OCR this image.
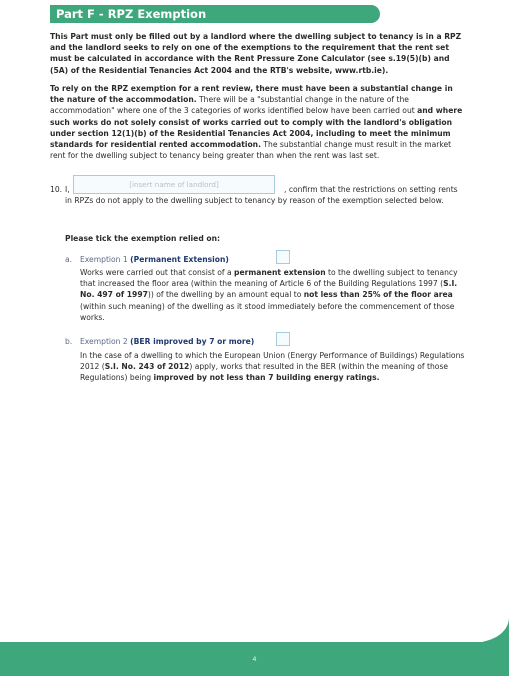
Part F - RPZ Exemption

This Part must only be filled out by a landlord where the dwelling subject to tenancy is in a RPZ and the landlord seeks to rely on one of the exemptions to the requirement that the rent set must be calculated in accordance with the Rent Pressure Zone Calculator (see s.19(5)(b) and (5A) of the Residential Tenancies Act 2004 and the RTB's website, www.rtb.ie).

To rely on the RPZ exemption for a rent review, there must have been a substantial change in the nature of the accommodation. There will be a "substantial change in the nature of the accommodation" where one of the 3 categories of works identified below have been carried out and where such works do not solely consist of works carried out to comply with the landlord's obligation under section 12(1)(b) of the Residential Tenancies Act 2004, including to meet the minimum standards for residential rented accommodation. The substantial change must result in the market rent for the dwelling subject to tenancy being greater than when the rent was last set.

10. I,
[insert name of landlord]	, confirm that the restrictions on setting rents
in RPZs do not apply to the dwelling subject to tenancy by reason of the exemption selected below.
Please tick the exemption relied on:
a. Exemption 1 (Permanent Extension)

Works were carried out that consist of a permanent extension to the dwelling subject to tenancy that increased the floor area (within the meaning of Article 6 of the Building Regulations 1997 (S.I. No. 497 of 1997)) of the dwelling by an amount equal to not less than 25% of the floor area (within such meaning) of the dwelling as it stood immediately before the commencement of those works.

b. Exemption 2 (BER improved by 7 or more)

In the case of a dwelling to which the European Union (Energy Performance of Buildings) Regulations 2012 (S.I. No. 243 of 2012) apply, works that resulted in the BER (within the meaning of those Regulations) being improved by not less than 7 building energy ratings.

4
